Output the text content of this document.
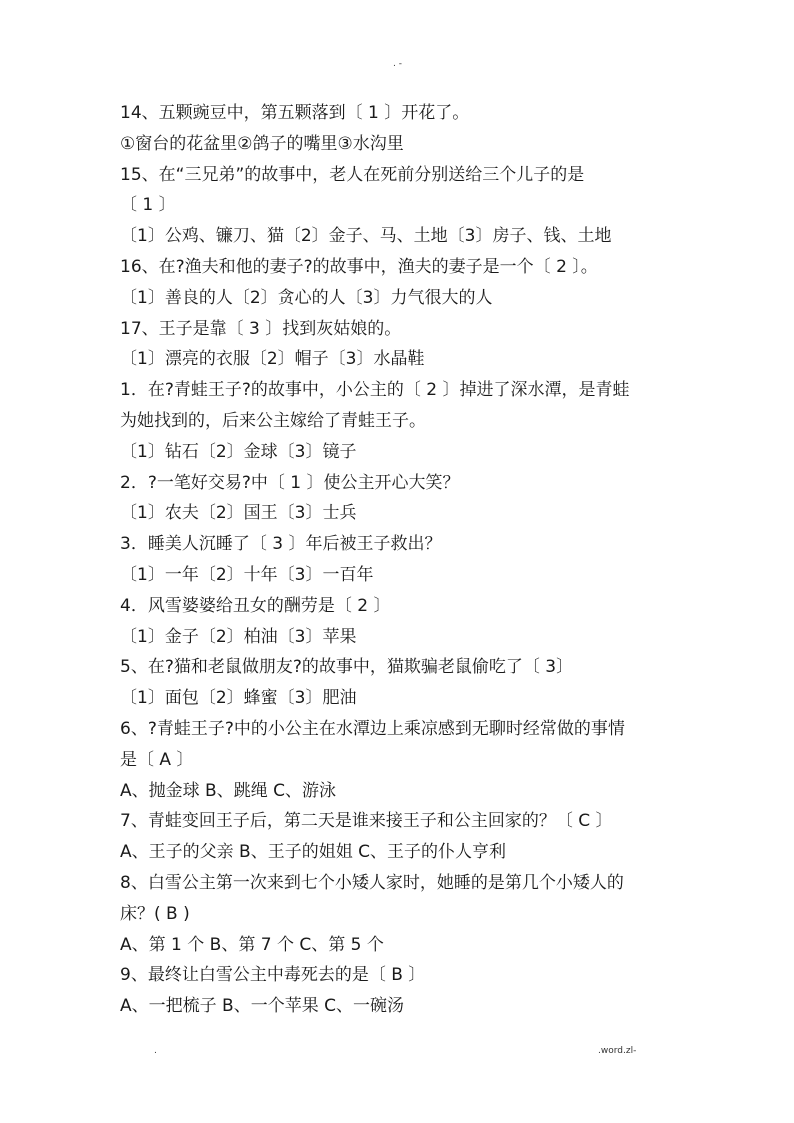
. -
14、五颗豌豆中，第五颗落到〔 1 〕开花了。
①窗台的花盆里②鸽子的嘴里③水沟里
15、在“三兄弟”的故事中，老人在死前分别送给三个儿子的是
〔 1 〕
〔1〕公鸡、镰刀、猫〔2〕金子、马、土地〔3〕房子、钱、土地
16、在?渔夫和他的妻子?的故事中，渔夫的妻子是一个〔 2 〕。
〔1〕善良的人〔2〕贪心的人〔3〕力气很大的人
17、王子是靠〔 3 〕找到灰姑娘的。
〔1〕漂亮的衣服〔2〕帽子〔3〕水晶鞋
1．在?青蛙王子?的故事中，小公主的〔 2 〕掉进了深水潭，是青蛙
为她找到的，后来公主嫁给了青蛙王子。
〔1〕钻石〔2〕金球〔3〕镜子
2．?一笔好交易?中〔 1 〕使公主开心大笑？
〔1〕农夫〔2〕国王〔3〕士兵
3．睡美人沉睡了〔 3 〕年后被王子救出？
〔1〕一年〔2〕十年〔3〕一百年
4．风雪婆婆给丑女的酬劳是〔 2 〕
〔1〕金子〔2〕柏油〔3〕苹果
5、在?猫和老鼠做朋友?的故事中，猫欺骗老鼠偷吃了〔 3〕
〔1〕面包〔2〕蜂蜜〔3〕肥油
6、?青蛙王子?中的小公主在水潭边上乘凉感到无聊时经常做的事情
是〔 A 〕
A、抛金球 B、跳绳 C、游泳
7、青蛙变回王子后，第二天是谁来接王子和公主回家的？〔 C 〕
A、王子的父亲 B、王子的姐姐 C、王子的仆人亨利
8、白雪公主第一次来到七个小矮人家时，她睡的是第几个小矮人的
床？( B )
A、第 1 个 B、第 7 个 C、第 5 个
9、最终让白雪公主中毒死去的是〔 B 〕
A、一把梳子 B、一个苹果 C、一碗汤
.	.word.zl-
